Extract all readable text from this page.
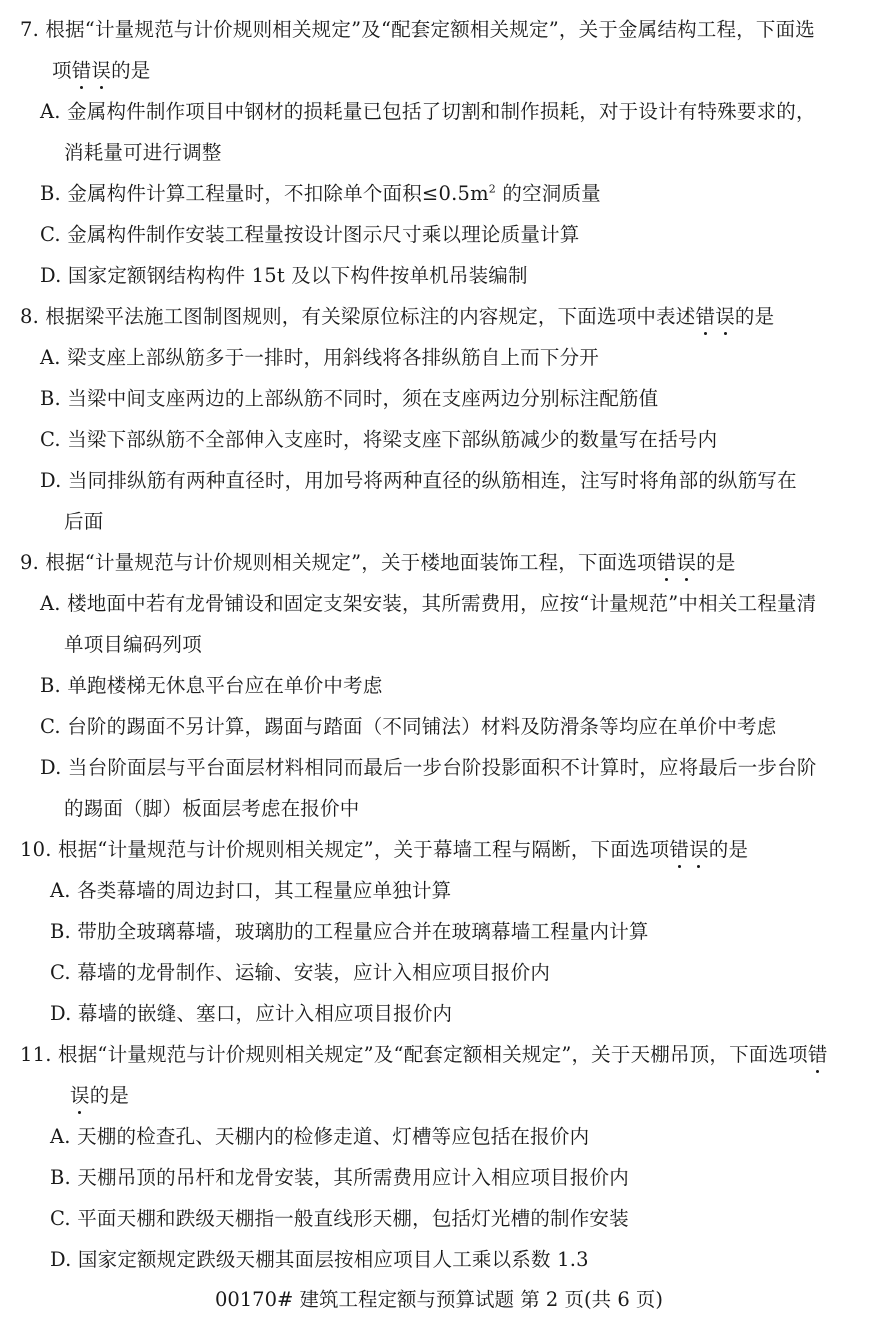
7. 根据“计量规范与计价规则相关规定”及“配套定额相关规定”，关于金属结构工程，下面选
项错误的是
A. 金属构件制作项目中钢材的损耗量已包括了切割和制作损耗，对于设计有特殊要求的，
消耗量可进行调整
B. 金属构件计算工程量时，不扣除单个面积$\le 0.5m^2$ 的空洞质量
C. 金属构件制作安装工程量按设计图示尺寸乘以理论质量计算
D. 国家定额钢结构构件 15t 及以下构件按单机吊装编制
8. 根据梁平法施工图制图规则，有关梁原位标注的内容规定，下面选项中表述错误的是
A. 梁支座上部纵筋多于一排时，用斜线将各排纵筋自上而下分开
B. 当梁中间支座两边的上部纵筋不同时，须在支座两边分别标注配筋值
C. 当梁下部纵筋不全部伸入支座时，将梁支座下部纵筋减少的数量写在括号内
D. 当同排纵筋有两种直径时，用加号将两种直径的纵筋相连，注写时将角部的纵筋写在
后面
9. 根据“计量规范与计价规则相关规定”，关于楼地面装饰工程，下面选项错误的是
A. 楼地面中若有龙骨铺设和固定支架安装，其所需费用，应按“计量规范”中相关工程量清
单项目编码列项
B. 单跑楼梯无休息平台应在单价中考虑
C. 台阶的踢面不另计算，踢面与踏面（不同铺法）材料及防滑条等均应在单价中考虑
D. 当台阶面层与平台面层材料相同而最后一步台阶投影面积不计算时，应将最后一步台阶
的踢面（脚）板面层考虑在报价中
10. 根据“计量规范与计价规则相关规定”，关于幕墙工程与隔断，下面选项错误的是
A. 各类幕墙的周边封口，其工程量应单独计算
B. 带肋全玻璃幕墙，玻璃肋的工程量应合并在玻璃幕墙工程量内计算
C. 幕墙的龙骨制作、运输、安装，应计入相应项目报价内
D. 幕墙的嵌缝、塞口，应计入相应项目报价内
11. 根据“计量规范与计价规则相关规定”及“配套定额相关规定”，关于天棚吊顶，下面选项错
误的是
A. 天棚的检查孔、天棚内的检修走道、灯槽等应包括在报价内
B. 天棚吊顶的吊杆和龙骨安装，其所需费用应计入相应项目报价内
C. 平面天棚和跌级天棚指一般直线形天棚，包括灯光槽的制作安装
D. 国家定额规定跌级天棚其面层按相应项目人工乘以系数 1.3
00170# 建筑工程定额与预算试题 第 2 页(共 6 页)
